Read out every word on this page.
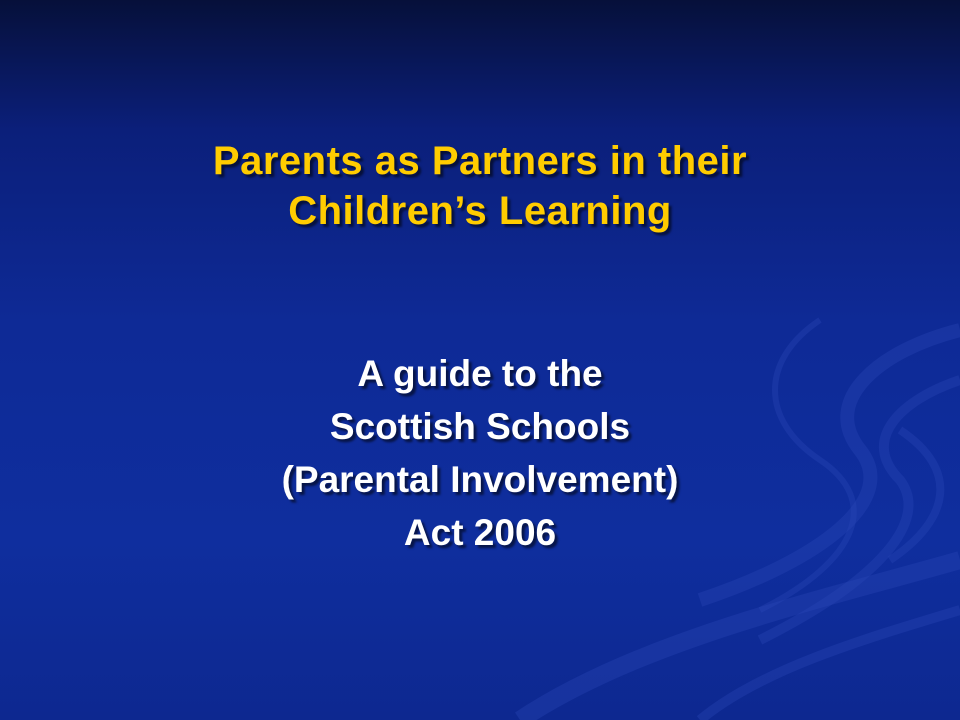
Parents as Partners in their
Children’s Learning
A guide to the
Scottish Schools
(Parental Involvement)
Act 2006
